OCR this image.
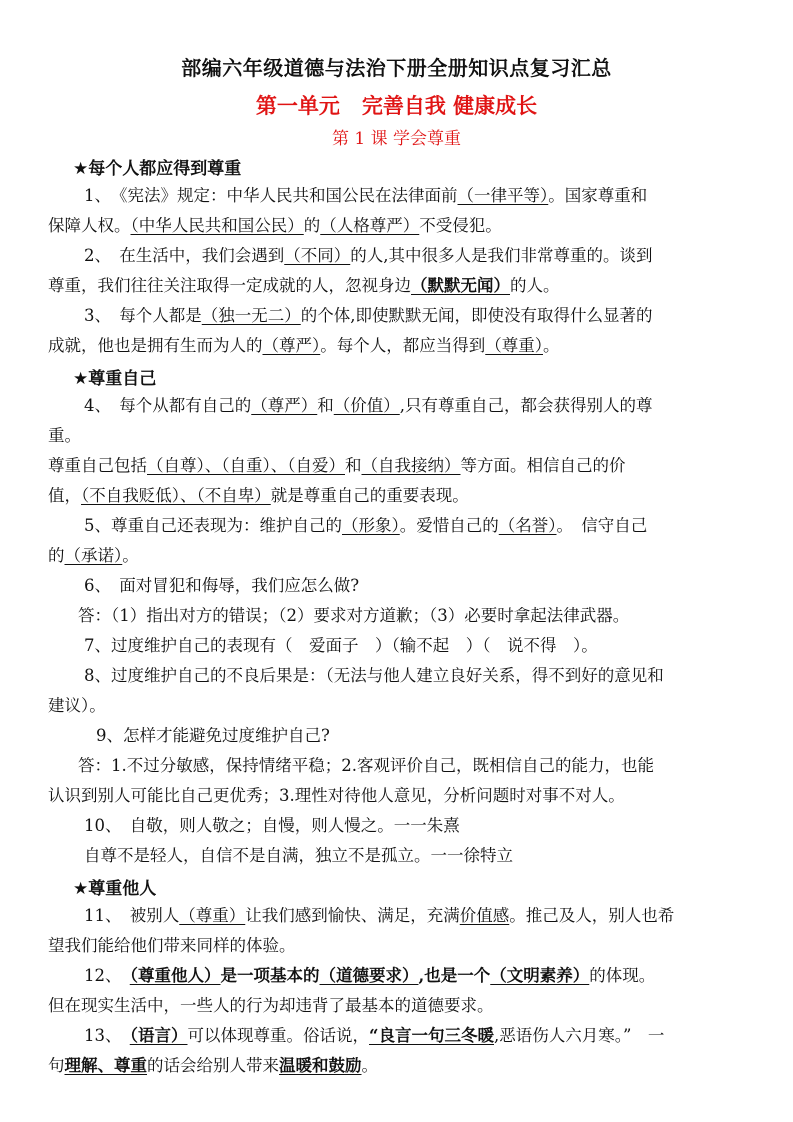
部编六年级道德与法治下册全册知识点复习汇总
第一单元 完善自我 健康成长
第 1 课 学会尊重
★每个人都应得到尊重
1、　《宪法》规定：中华人民共和国公民在法律面前（一律平等）。国家尊重和
保障人权。（中华人民共和国公民）的（人格尊严）不受侵犯。
2、　在生活中，我们会遇到（不同）的人,其中很多人是我们非常尊重的。谈到
尊重，我们往往关注取得一定成就的人，忽视身边（默默无闻）的人。
3、　每个人都是（独一无二）的个体,即使默默无闻，即使没有取得什么显著的
成就，他也是拥有生而为人的（尊严）。每个人，都应当得到（尊重）。
★尊重自己
4、　每个从都有自己的（尊严）和（价值）,只有尊重自己，都会获得别人的尊
重。
尊重自己包括（自尊）、（自重）、（自爱）和（自我接纳）等方面。相信自己的价
值，（不自我贬低）、（不自卑）就是尊重自己的重要表现。
5、尊重自己还表现为：维护自己的（形象）。爱惜自己的（名誉）。　信守自己
的（承诺）。
6、　面对冒犯和侮辱，我们应怎么做?
答：（1）指出对方的错误；（2）要求对方道歉；（3）必要时拿起法律武器。
7、过度维护自己的表现有（　爱面子　）（输不起　）（　说不得　）。
8、过度维护自己的不良后果是：（无法与他人建立良好关系，得不到好的意见和
建议）。
9、怎样才能避免过度维护自己?
答：1.不过分敏感，保持情绪平稳；2.客观评价自己，既相信自己的能力，也能
认识到别人可能比自己更优秀；3.理性对待他人意见，分析问题时对事不对人。
10、　自敬，则人敬之；自慢，则人慢之。一一朱熹
自尊不是轻人，自信不是自满，独立不是孤立。一一徐特立
★尊重他人
11、　被别人（尊重）让我们感到愉快、满足，充满价值感。推己及人，别人也希
望我们能给他们带来同样的体验。
12、　（尊重他人）是一项基本的（道德要求）,也是一个（文明素养）的体现。
但在现实生活中，一些人的行为却违背了最基本的道德要求。
13、　（语言）可以体现尊重。俗话说，“良言一句三冬暖,恶语伤人六月寒。”　一
句理解、尊重的话会给别人带来温暖和鼓励。
